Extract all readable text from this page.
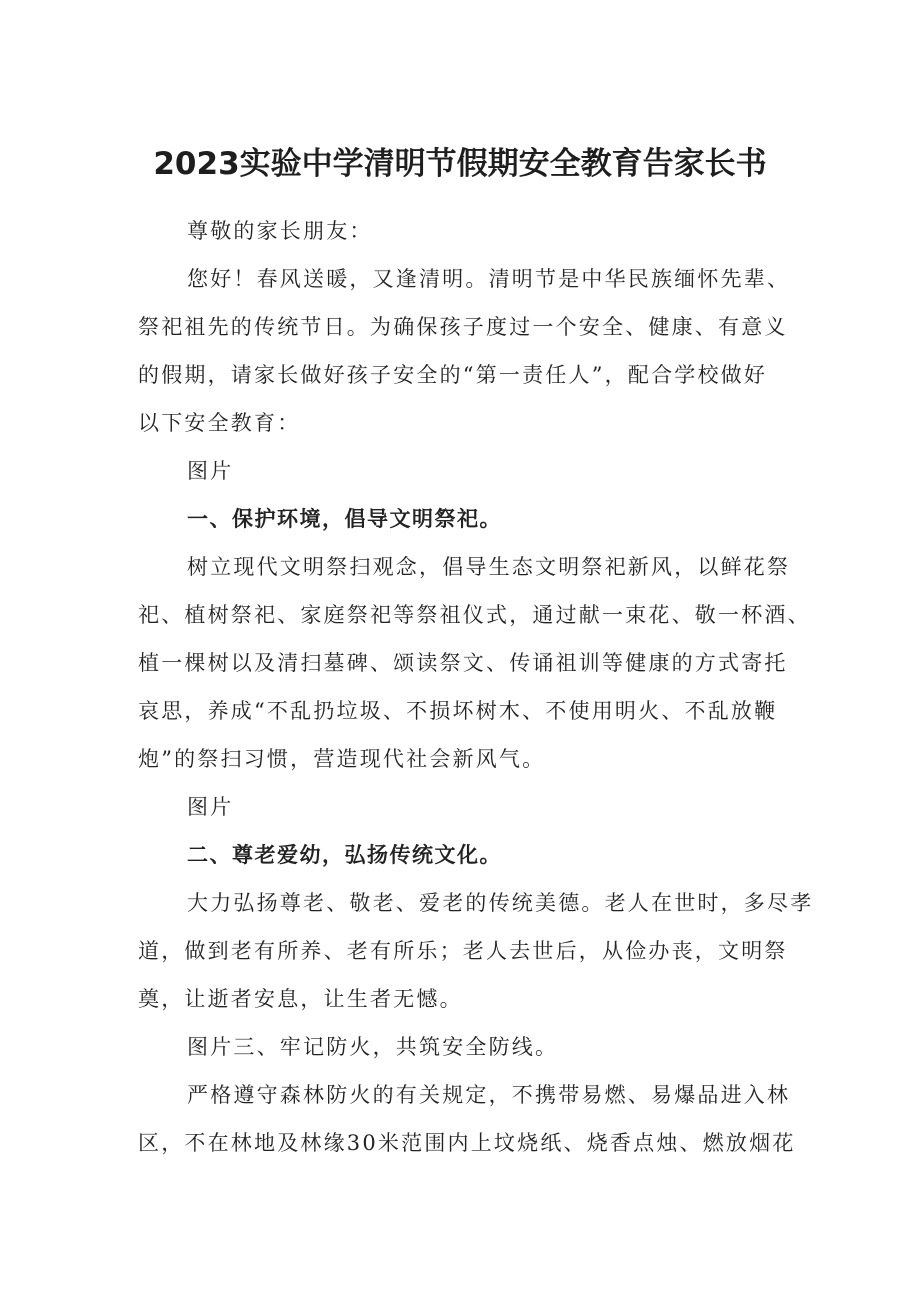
2023实验中学清明节假期安全教育告家长书
尊敬的家长朋友：
您好！春风送暖，又逢清明。清明节是中华民族缅怀先辈、
祭祀祖先的传统节日。为确保孩子度过一个安全、健康、有意义
的假期，请家长做好孩子安全的“第一责任人”，配合学校做好
以下安全教育：
图片
一、保护环境，倡导文明祭祀。
树立现代文明祭扫观念，倡导生态文明祭祀新风，以鲜花祭
祀、植树祭祀、家庭祭祀等祭祖仪式，通过献一束花、敬一杯酒、
植一棵树以及清扫墓碑、颂读祭文、传诵祖训等健康的方式寄托
哀思，养成“不乱扔垃圾、不损坏树木、不使用明火、不乱放鞭
炮”的祭扫习惯，营造现代社会新风气。
图片
二、尊老爱幼，弘扬传统文化。
大力弘扬尊老、敬老、爱老的传统美德。老人在世时，多尽孝
道，做到老有所养、老有所乐；老人去世后，从俭办丧，文明祭
奠，让逝者安息，让生者无憾。
图片三、牢记防火，共筑安全防线。
严格遵守森林防火的有关规定，不携带易燃、易爆品进入林
区，不在林地及林缘30米范围内上坟烧纸、烧香点烛、燃放烟花
